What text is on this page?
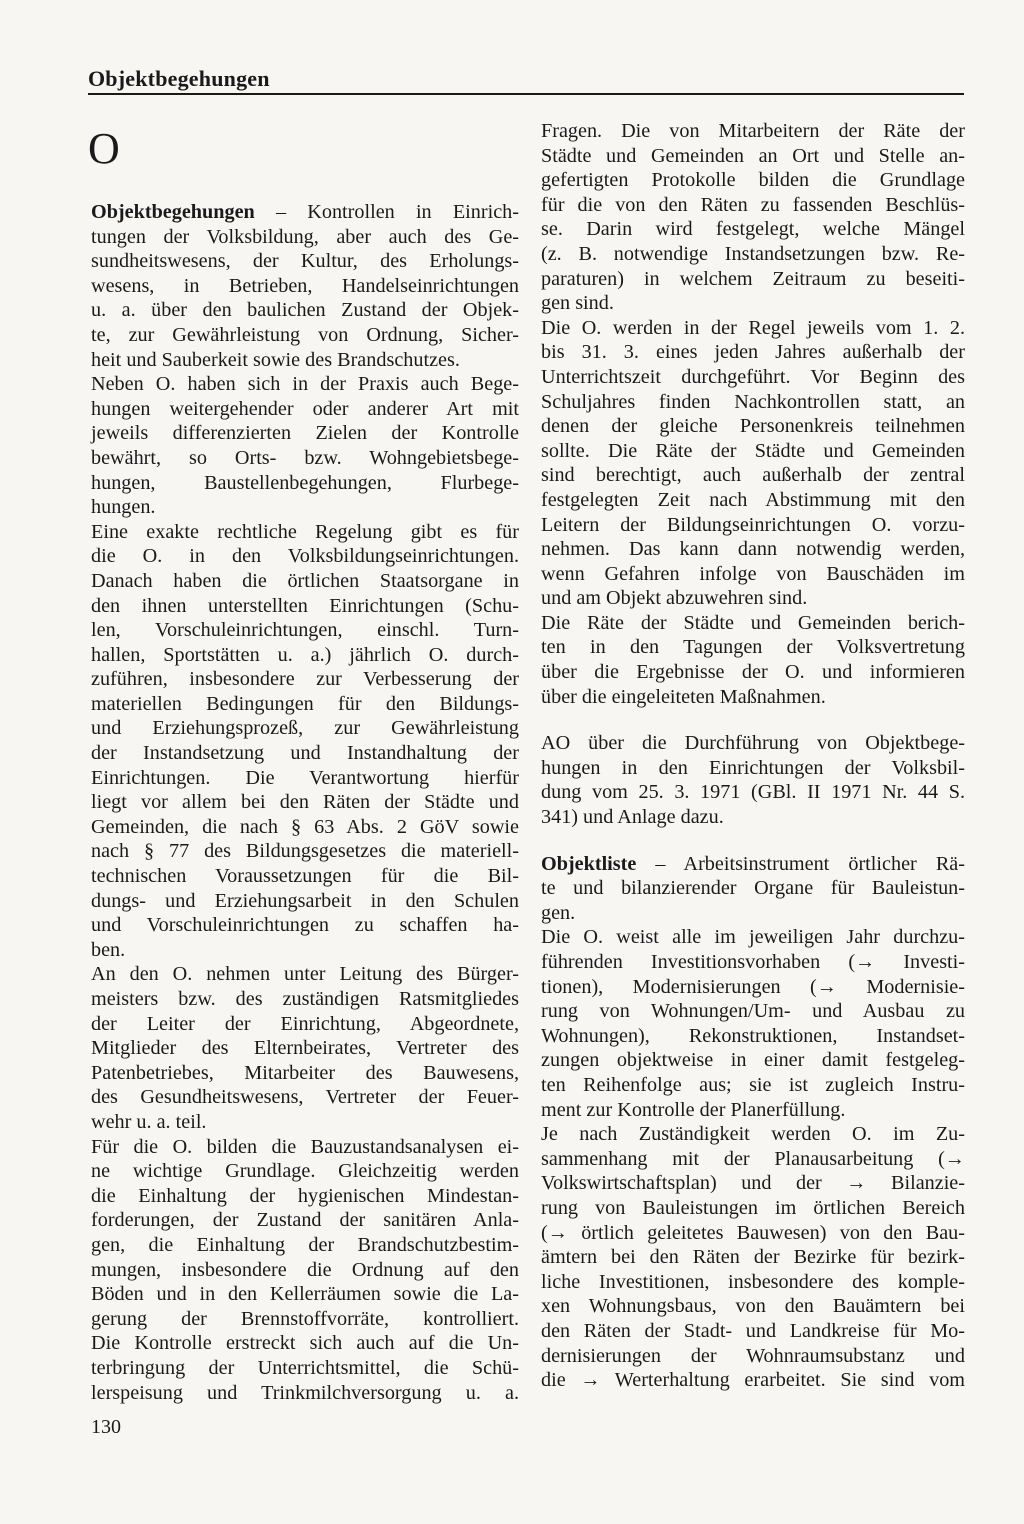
Objektbegehungen
O
Objektbegehungen – Kontrollen in Einrich-
tungen der Volksbildung, aber auch des Ge-
sundheitswesens, der Kultur, des Erholungs-
wesens, in Betrieben, Handelseinrichtungen
u. a. über den baulichen Zustand der Objek-
te, zur Gewährleistung von Ordnung, Sicher-
heit und Sauberkeit sowie des Brandschutzes.
Neben O. haben sich in der Praxis auch Bege-
hungen weitergehender oder anderer Art mit
jeweils differenzierten Zielen der Kontrolle
bewährt, so Orts- bzw. Wohngebietsbege-
hungen, Baustellenbegehungen, Flurbege-
hungen.
Eine exakte rechtliche Regelung gibt es für
die O. in den Volksbildungseinrichtungen.
Danach haben die örtlichen Staatsorgane in
den ihnen unterstellten Einrichtungen (Schu-
len, Vorschuleinrichtungen, einschl. Turn-
hallen, Sportstätten u. a.) jährlich O. durch-
zuführen, insbesondere zur Verbesserung der
materiellen Bedingungen für den Bildungs-
und Erziehungsprozeß, zur Gewährleistung
der Instandsetzung und Instandhaltung der
Einrichtungen. Die Verantwortung hierfür
liegt vor allem bei den Räten der Städte und
Gemeinden, die nach § 63 Abs. 2 GöV sowie
nach § 77 des Bildungsgesetzes die materiell-
technischen Voraussetzungen für die Bil-
dungs- und Erziehungsarbeit in den Schulen
und Vorschuleinrichtungen zu schaffen ha-
ben.
An den O. nehmen unter Leitung des Bürger-
meisters bzw. des zuständigen Ratsmitgliedes
der Leiter der Einrichtung, Abgeordnete,
Mitglieder des Elternbeirates, Vertreter des
Patenbetriebes, Mitarbeiter des Bauwesens,
des Gesundheitswesens, Vertreter der Feuer-
wehr u. a. teil.
Für die O. bilden die Bauzustandsanalysen ei-
ne wichtige Grundlage. Gleichzeitig werden
die Einhaltung der hygienischen Mindestan-
forderungen, der Zustand der sanitären Anla-
gen, die Einhaltung der Brandschutzbestim-
mungen, insbesondere die Ordnung auf den
Böden und in den Kellerräumen sowie die La-
gerung der Brennstoffvorräte, kontrolliert.
Die Kontrolle erstreckt sich auch auf die Un-
terbringung der Unterrichtsmittel, die Schü-
lerspeisung und Trinkmilchversorgung u. a.
Fragen. Die von Mitarbeitern der Räte der
Städte und Gemeinden an Ort und Stelle an-
gefertigten Protokolle bilden die Grundlage
für die von den Räten zu fassenden Beschlüs-
se. Darin wird festgelegt, welche Mängel
(z. B. notwendige Instandsetzungen bzw. Re-
paraturen) in welchem Zeitraum zu beseiti-
gen sind.
Die O. werden in der Regel jeweils vom 1. 2.
bis 31. 3. eines jeden Jahres außerhalb der
Unterrichtszeit durchgeführt. Vor Beginn des
Schuljahres finden Nachkontrollen statt, an
denen der gleiche Personenkreis teilnehmen
sollte. Die Räte der Städte und Gemeinden
sind berechtigt, auch außerhalb der zentral
festgelegten Zeit nach Abstimmung mit den
Leitern der Bildungseinrichtungen O. vorzu-
nehmen. Das kann dann notwendig werden,
wenn Gefahren infolge von Bauschäden im
und am Objekt abzuwehren sind.
Die Räte der Städte und Gemeinden berich-
ten in den Tagungen der Volksvertretung
über die Ergebnisse der O. und informieren
über die eingeleiteten Maßnahmen.
AO über die Durchführung von Objektbege-
hungen in den Einrichtungen der Volksbil-
dung vom 25. 3. 1971 (GBl. II 1971 Nr. 44 S.
341) und Anlage dazu.
Objektliste – Arbeitsinstrument örtlicher Rä-
te und bilanzierender Organe für Bauleistun-
gen.
Die O. weist alle im jeweiligen Jahr durchzu-
führenden Investitionsvorhaben (→ Investi-
tionen), Modernisierungen (→ Modernisie-
rung von Wohnungen/Um- und Ausbau zu
Wohnungen), Rekonstruktionen, Instandset-
zungen objektweise in einer damit festgeleg-
ten Reihenfolge aus; sie ist zugleich Instru-
ment zur Kontrolle der Planerfüllung.
Je nach Zuständigkeit werden O. im Zu-
sammenhang mit der Planausarbeitung (→
Volkswirtschaftsplan) und der → Bilanzie-
rung von Bauleistungen im örtlichen Bereich
(→ örtlich geleitetes Bauwesen) von den Bau-
ämtern bei den Räten der Bezirke für bezirk-
liche Investitionen, insbesondere des komple-
xen Wohnungsbaus, von den Bauämtern bei
den Räten der Stadt- und Landkreise für Mo-
dernisierungen der Wohnraumsubstanz und
die → Werterhaltung erarbeitet. Sie sind vom
130
